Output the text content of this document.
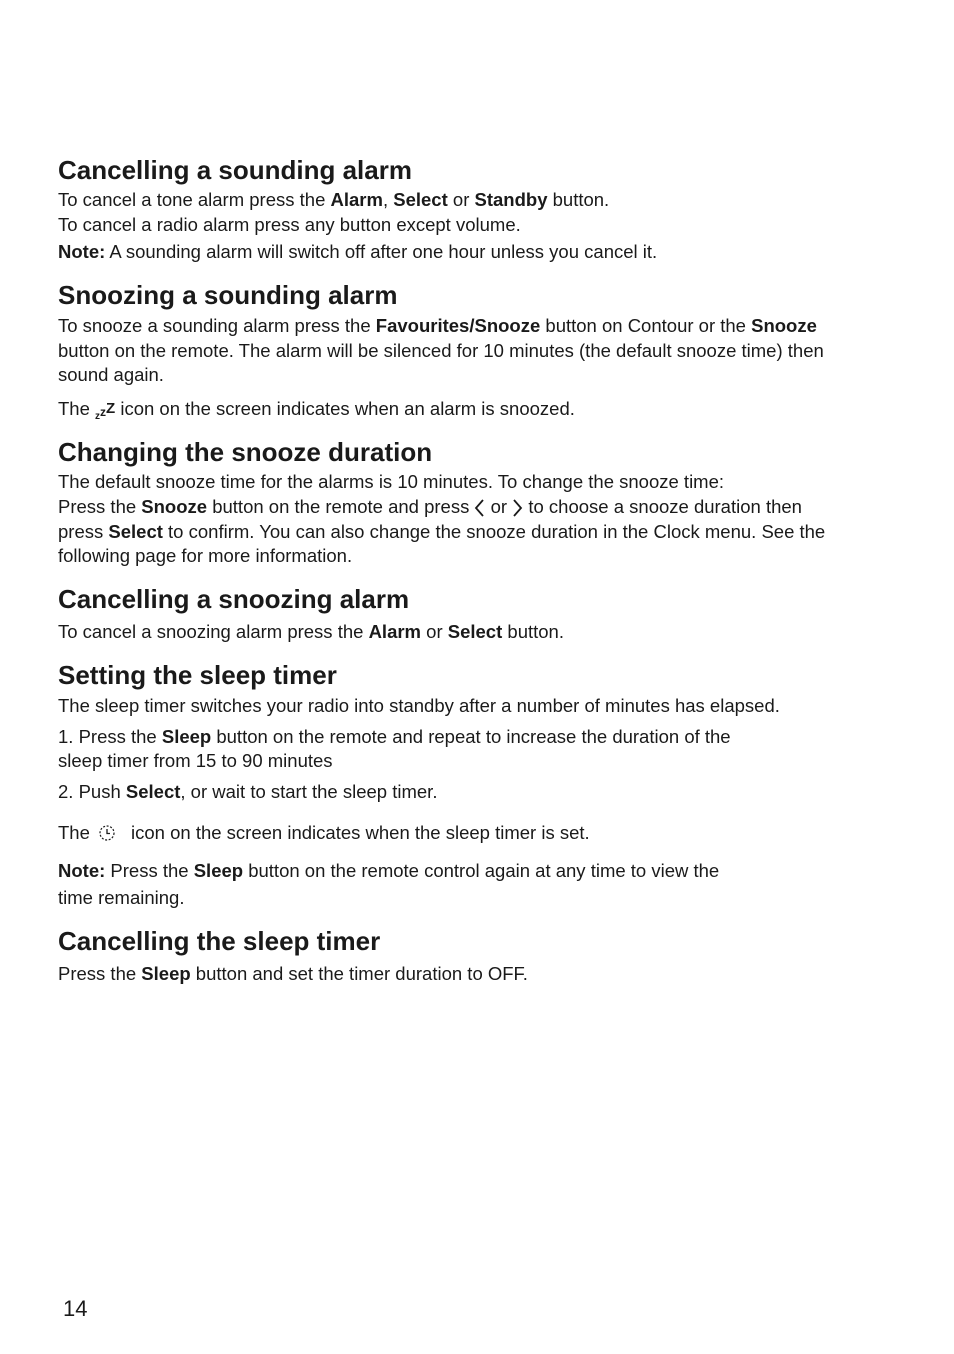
Cancelling a sounding alarm

To cancel a tone alarm press the Alarm, Select or Standby button.

To cancel a radio alarm press any button except volume.

Note: A sounding alarm will switch off after one hour unless you cancel it.

Snoozing a sounding alarm

To snooze a sounding alarm press the Favourites/Snooze button on Contour or the Snooze

button on the remote. The alarm will be silenced for 10 minutes (the default snooze time) then

sound again.

The $_z$zZ icon on the screen indicates when an alarm is snoozed.

Changing the snooze duration

The default snooze time for the alarms is 10 minutes. To change the snooze time:

Press the Snooze button on the remote and press  or  to choose a snooze duration then

press Select to confirm. You can also change the snooze duration in the Clock menu. See the

following page for more information.

Cancelling a snoozing alarm

To cancel a snoozing alarm press the Alarm or Select button.

Setting the sleep timer

The sleep timer switches your radio into standby after a number of minutes has elapsed.

1. Press the Sleep button on the remote and repeat to increase the duration of the

sleep timer from 15 to 90 minutes

2. Push Select, or wait to start the sleep timer.

The icon on the screen indicates when the sleep timer is set.

Note: Press the Sleep button on the remote control again at any time to view the

time remaining.

Cancelling the sleep timer

Press the Sleep button and set the timer duration to OFF.

14
